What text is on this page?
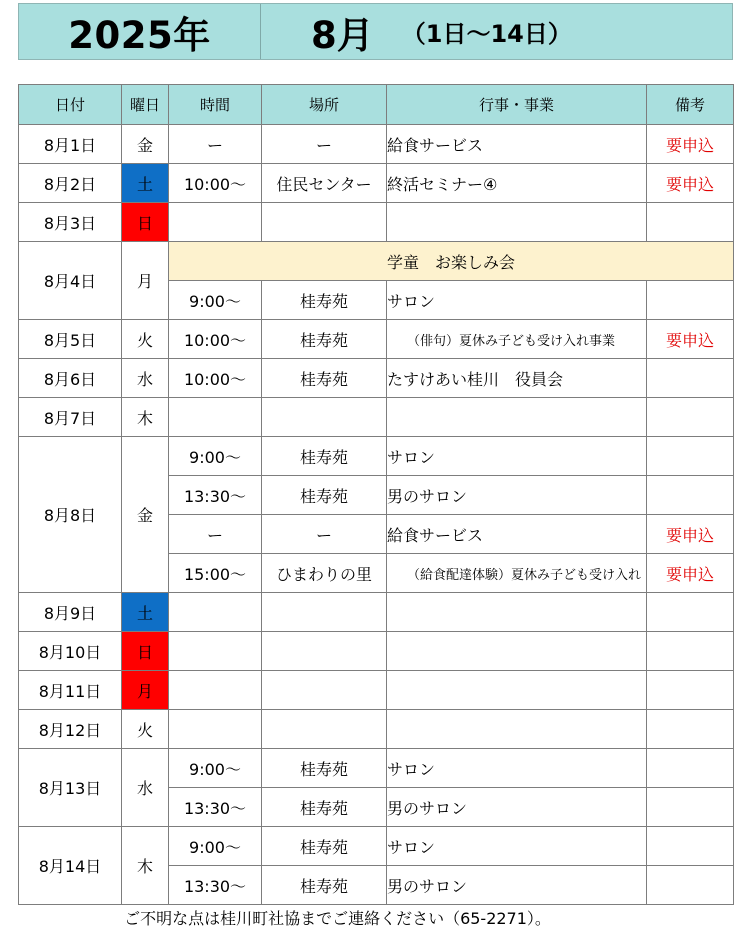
2025年	8月 （1日～14日）
日付	曜日	時間	場所	行事・事業	備考
8月1日	金	ー	ー	給食サービス	要申込
8月2日	土	10:00～	住民センター	終活セミナー④	要申込
8月3日	日				
8月4日	月	学童　お楽しみ会			
		9:00～	桂寿苑	サロン	
8月5日	火	10:00～	桂寿苑	（俳句）夏休み子ども受け入れ事業	要申込
8月6日	水	10:00～	桂寿苑	たすけあい桂川　役員会	
8月7日	木				
8月8日	金	9:00～	桂寿苑	サロン	
		13:30～	桂寿苑	男のサロン	
		ー	ー	給食サービス	要申込
		15:00～	ひまわりの里	（給食配達体験）夏休み子ども受け入れ	要申込
8月9日	土				
8月10日	日				
8月11日	月				
8月12日	火				
8月13日	水	9:00～	桂寿苑	サロン	
		13:30～	桂寿苑	男のサロン	
8月14日	木	9:00～	桂寿苑	サロン	
		13:30～	桂寿苑	男のサロン	
ご不明な点は桂川町社協までご連絡ください（65-2271）。
